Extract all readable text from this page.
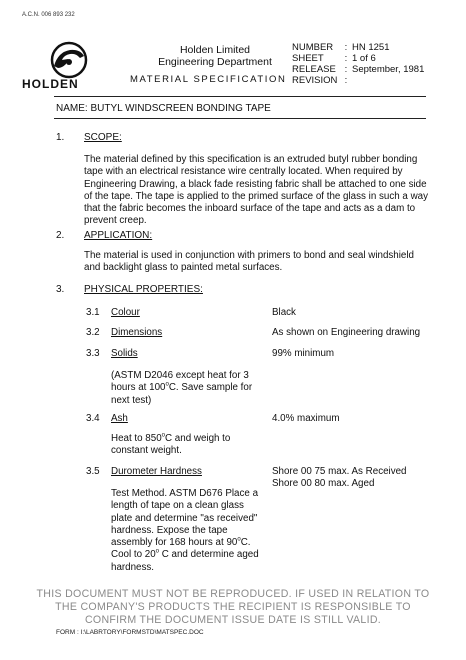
A.C.N. 006 893 232
HOLDEN
Holden Limited
Engineering Department
MATERIAL SPECIFICATION
NUMBER	:	HN 1251
SHEET	:	1 of 6
RELEASE	:	September, 1981
REVISION	:	
NAME: BUTYL WINDSCREEN BONDING TAPE
1. SCOPE:
The material defined by this specification is an extruded butyl rubber bonding tape with an electrical resistance wire centrally located. When required by Engineering Drawing, a black fade resisting fabric shall be attached to one side of the tape. The tape is applied to the primed surface of the glass in such a way that the fabric becomes the inboard surface of the tape and acts as a dam to prevent creep.
2. APPLICATION:
The material is used in conjunction with primers to bond and seal windshield and backlight glass to painted metal surfaces.
3. PHYSICAL PROPERTIES:
3.1 Colour	Black
3.2 Dimensions	As shown on Engineering drawing
3.3 Solids	99% minimum
(ASTM D2046 except heat for 3 hours at 100$^o$C. Save sample for next test)
3.4 Ash	4.0% maximum
Heat to 850$^o$C and weigh to constant weight.
3.5 Durometer Hardness	Shore 00 75 max. As Received
Shore 00 80 max. Aged
Test Method. ASTM D676 Place a length of tape on a clean glass plate and determine "as received" hardness. Expose the tape assembly for 168 hours at 90$^o$C. Cool to 20$^o$ C and determine aged hardness.
THIS DOCUMENT MUST NOT BE REPRODUCED. IF USED IN RELATION TO
THE COMPANY'S PRODUCTS THE RECIPIENT IS RESPONSIBLE TO
CONFIRM THE DOCUMENT ISSUE DATE IS STILL VALID.
FORM : I:\LABRTORY\FORMSTD\MATSPEC.DOC
